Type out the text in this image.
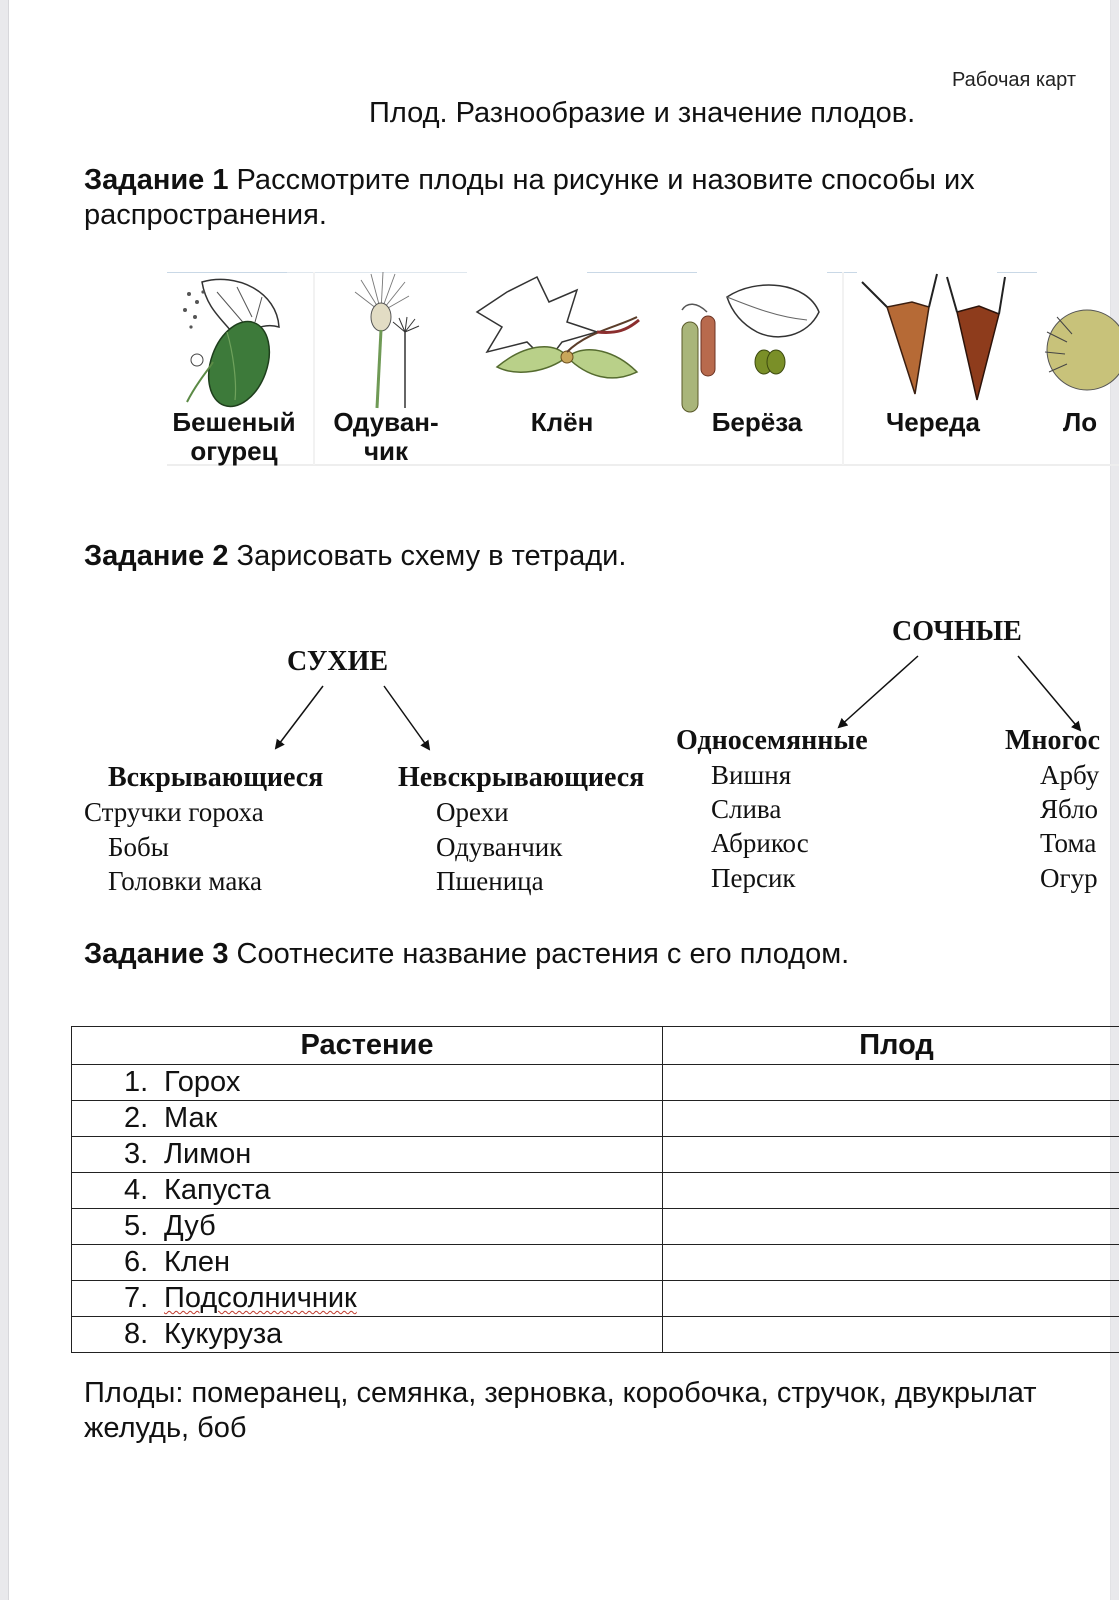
Рабочая карт
Плод. Разнообразие и значение плодов.
Задание 1 Рассмотрите плоды на рисунке и назовите способы их
распространения.
Бешеный
огурец
Одуван-
чик
Клён	Берёза	Череда	Ло
Задание 2 Зарисовать схему в тетради.
СУХИЕ
СОЧНЫЕ
Вскрывающиеся
Стручки гороха
Бобы
Головки мака
Невскрывающиеся
Орехи
Одуванчик
Пшеница
Односемянные
Вишня
Слива
Абрикос
Персик
Многос
Арбу
Ябло
Тома
Огур
Задание 3 Соотнесите название растения с его плодом.
Растение	Плод
1. Горох	
2. Мак	
3. Лимон	
4. Капуста	
5. Дуб	
6. Клен	
7. Подсолничник	
8. Кукуруза	
Плоды: померанец, семянка, зерновка, коробочка, стручок, двукрылат
желудь, боб
